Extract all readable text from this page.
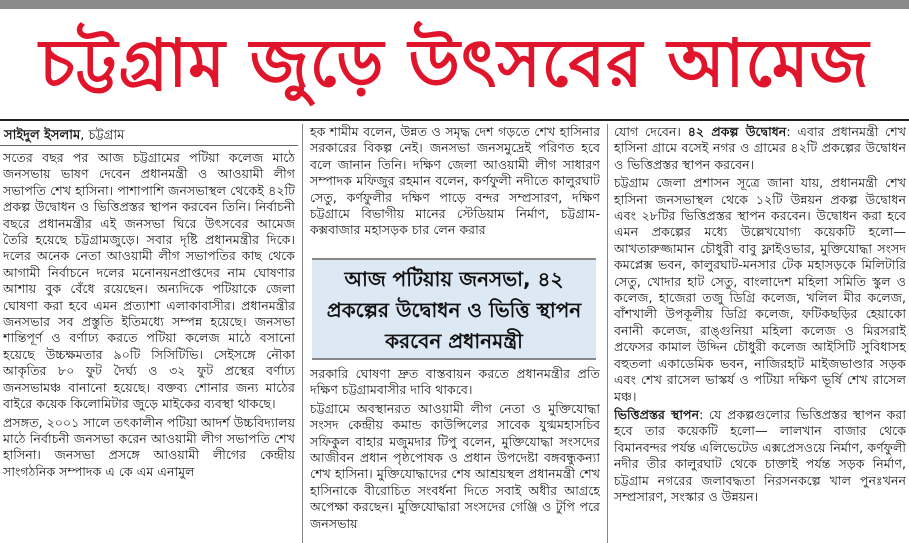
চট্টগ্রাম জুড়ে উৎসবের আমেজ
সাইদুল ইসলাম, চট্টগ্রাম

সতের বছর পর আজ চট্টগ্রামের পটিয়া কলেজ মাঠে জনসভায় ভাষণ দেবেন প্রধানমন্ত্রী ও আওয়ামী লীগ সভাপতি শেখ হাসিনা। পাশাপাশি জনসভাস্থল থেকেই ৪২টি প্রকল্প উদ্বোধন ও ভিত্তিপ্রস্তর স্থাপন করবেন তিনি। নির্বাচনী বছরে প্রধানমন্ত্রীর এই জনসভা ঘিরে উৎসবের আমেজ তৈরি হয়েছে চট্টগ্রামজুড়ে। সবার দৃষ্টি প্রধানমন্ত্রীর দিকে। দলের অনেক নেতা আওয়ামী লীগ সভাপতির কাছ থেকে আগামী নির্বাচনে দলের মনোনয়নপ্রাপ্তদের নাম ঘোষণার আশায় বুক বেঁধে রয়েছেন। অন্যদিকে পটিয়াকে জেলা ঘোষণা করা হবে এমন প্রত্যাশা এলাকাবাসীর। প্রধানমন্ত্রীর জনসভার সব প্রস্তুতি ইতিমধ্যে সম্পন্ন হয়েছে। জনসভা শান্তিপূর্ণ ও বর্ণাঢ্য করতে পটিয়া কলেজ মাঠে বসানো হয়েছে উচ্চক্ষমতার ৯০টি সিসিটিভি। সেইসঙ্গে নৌকা আকৃতির ৮০ ফুট দৈর্ঘ্য ও ৩২ ফুট প্রস্থের বর্ণাঢ্য জনসভামঞ্চ বানানো হয়েছে। বক্তব্য শোনার জন্য মাঠের বাইরে কয়েক কিলোমিটার জুড়ে মাইকের ব্যবস্থা থাকছে।

প্রসঙ্গত, ২০০১ সালে তৎকালীন পটিয়া আদর্শ উচ্চবিদ্যালয় মাঠে নির্বাচনী জনসভা করেন আওয়ামী লীগ সভাপতি শেখ হাসিনা। জনসভা প্রসঙ্গে আওয়ামী লীগের কেন্দ্রীয় সাংগঠনিক সম্পাদক এ কে এম এনামুল

হক শামীম বলেন, উন্নত ও সমৃদ্ধ দেশ গড়তে শেখ হাসিনার সরকারের বিকল্প নেই। জনসভা জনসমুদ্রেই পরিণত হবে বলে জানান তিনি। দক্ষিণ জেলা আওয়ামী লীগ সাধারণ সম্পাদক মফিজুর রহমান বলেন, কর্ণফুলী নদীতে কালুরঘাট সেতু, কর্ণফুলীর দক্ষিণ পাড়ে বন্দর সম্প্রসারণ, দক্ষিণ চট্টগ্রামে বিভাগীয় মানের স্টেডিয়াম নির্মাণ, চট্টগ্রাম-কক্সবাজার মহাসড়ক চার লেন করার

আজ পটিয়ায় জনসভা, ৪২ প্রকল্পের উদ্বোধন ও ভিত্তি স্থাপন করবেন প্রধানমন্ত্রী

সরকারি ঘোষণা দ্রুত বাস্তবায়ন করতে প্রধানমন্ত্রীর প্রতি দক্ষিণ চট্টগ্রামবাসীর দাবি থাকবে।

চট্টগ্রামে অবস্থানরত আওয়ামী লীগ নেতা ও মুক্তিযোদ্ধা সংসদ কেন্দ্রীয় কমান্ড কাউন্সিলের সাবেক যুগ্মমহাসচিব সফিকুল বাহার মজুমদার টিপু বলেন, মুক্তিযোদ্ধা সংসদের আজীবন প্রধান পৃষ্ঠপোষক ও প্রধান উপদেষ্টা বঙ্গবন্ধুকন্যা শেখ হাসিনা। মুক্তিযোদ্ধাদের শেষ আশ্রয়স্থল প্রধানমন্ত্রী শেখ হাসিনাকে বীরোচিত সংবর্ধনা দিতে সবাই অধীর আগ্রহে অপেক্ষা করছেন। মুক্তিযোদ্ধারা সংসদের গেঞ্জি ও টুপি পরে জনসভায়

যোগ দেবেন। ৪২ প্রকল্প উদ্বোধন: এবার প্রধানমন্ত্রী শেখ হাসিনা গ্রামে বসেই নগর ও গ্রামের ৪২টি প্রকল্পের উদ্বোধন ও ভিত্তিপ্রস্তর স্থাপন করবেন।

চট্টগ্রাম জেলা প্রশাসন সূত্রে জানা যায়, প্রধানমন্ত্রী শেখ হাসিনা জনসভাস্থল থেকে ১২টি উন্নয়ন প্রকল্প উদ্বোধন এবং ২৮টির ভিত্তিপ্রস্তর স্থাপন করবেন। উদ্বোধন করা হবে এমন প্রকল্পের মধ্যে উল্লেখযোগ্য কয়েকটি হলো— আখতারুজ্জামান চৌধুরী বাবু ফ্লাইওভার, মুক্তিযোদ্ধা সংসদ কমপ্লেক্স ভবন, কালুরঘাট-মনসার টেক মহাসড়কে মিলিটারি সেতু, খোদার হাট সেতু, বাংলাদেশ মহিলা সমিতি স্কুল ও কলেজ, হাজেরা তজু ডিগ্রি কলেজ, খলিল মীর কলেজ, বাঁশখালী উপকূলীয় ডিগ্রি কলেজ, ফটিকছড়ির হেয়াকো বনানী কলেজ, রাঙ্গুনিয়া মহিলা কলেজ ও মিরসরাই প্রফেসর কামাল উদ্দিন চৌধুরী কলেজ আইসিটি সুবিধাসহ বহুতলা একাডেমিক ভবন, নাজিরহাট মাইজভাণ্ডার সড়ক এবং শেখ রাসেল ভাস্কর্য ও পটিয়া দক্ষিণ ভূর্ষি শেখ রাসেল মঞ্চ।

ভিত্তিপ্রস্তর স্থাপন: যে প্রকল্পগুলোর ভিত্তিপ্রস্তর স্থাপন করা হবে তার কয়েকটি হলো— লালখান বাজার থেকে বিমানবন্দর পর্যন্ত এলিভেটেড এক্সপ্রেসওয়ে নির্মাণ, কর্ণফুলী নদীর তীর কালুরঘাট থেকে চাক্তাই পর্যন্ত সড়ক নির্মাণ, চট্টগ্রাম নগরের জলাবদ্ধতা নিরসনকল্পে খাল পুনঃখনন সম্প্রসারণ, সংস্কার ও উন্নয়ন।
